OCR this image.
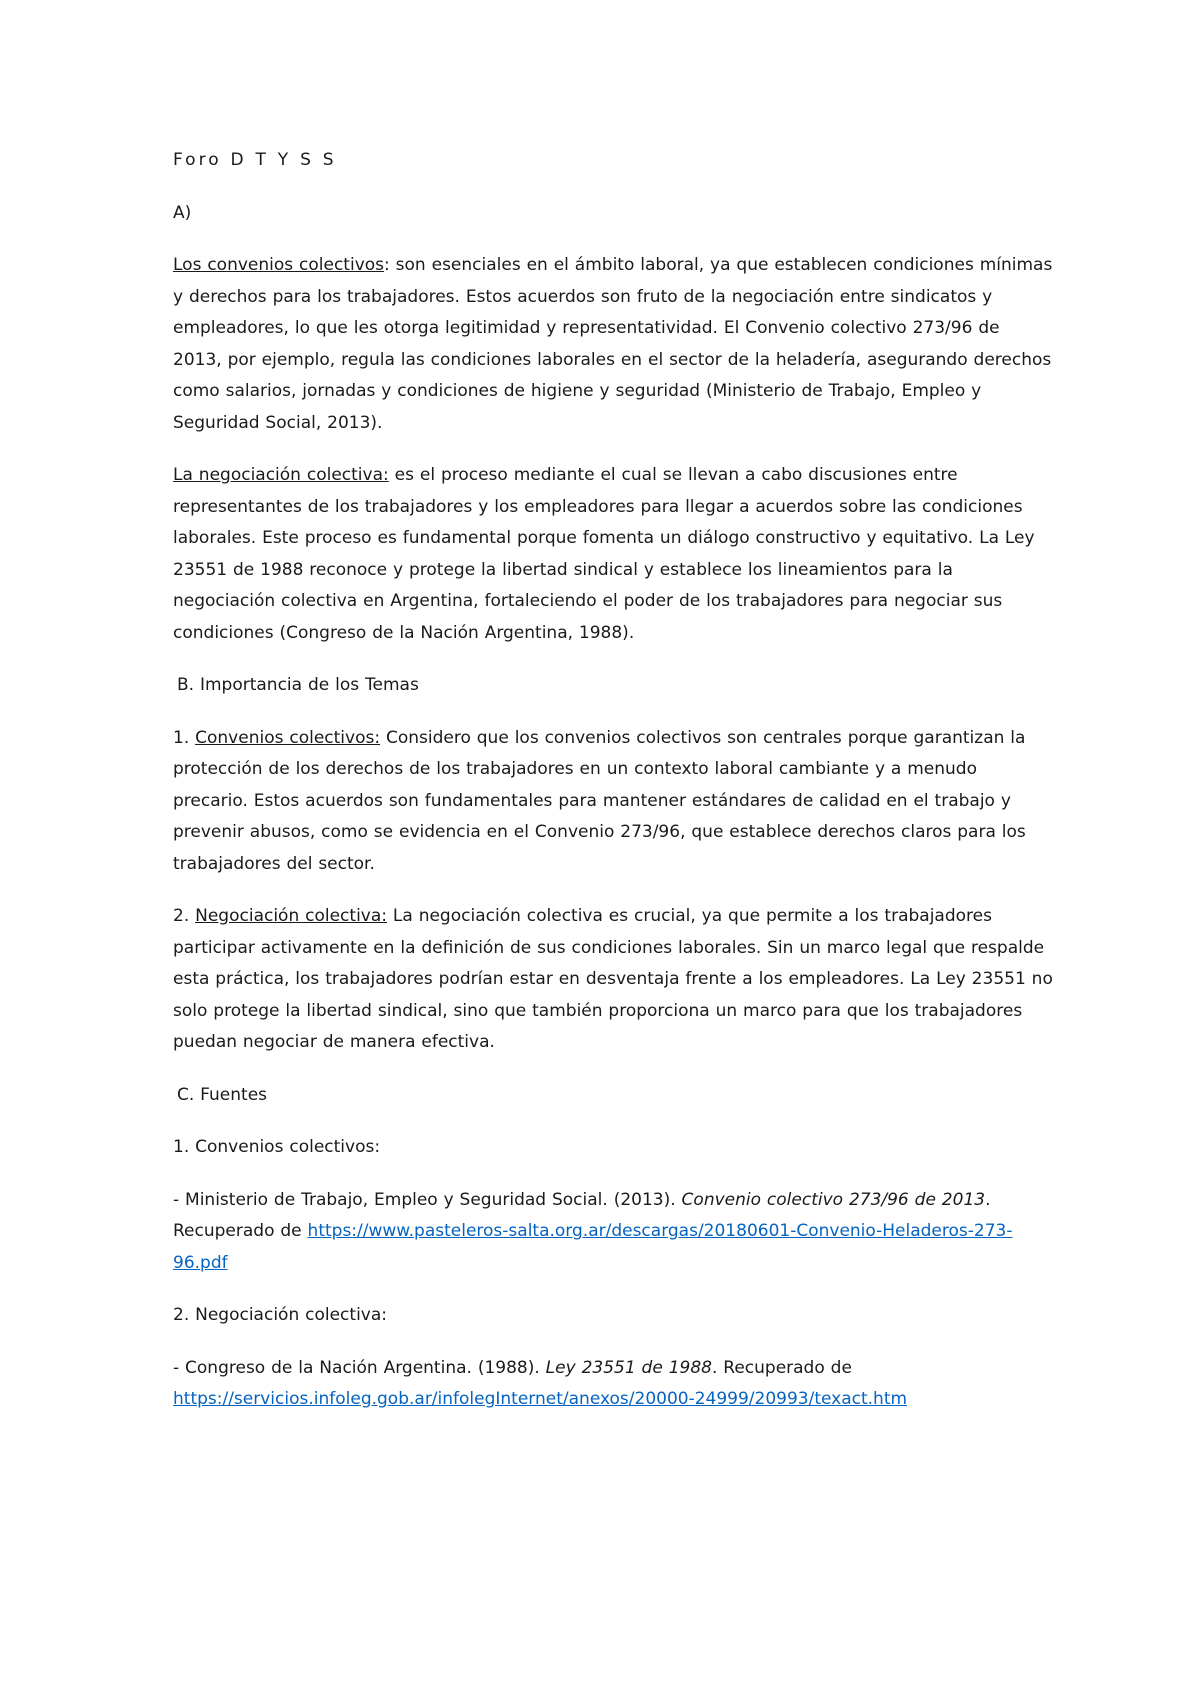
Foro D T Y S S

A)

Los convenios colectivos: son esenciales en el ámbito laboral, ya que establecen condiciones mínimas y derechos para los trabajadores. Estos acuerdos son fruto de la negociación entre sindicatos y empleadores, lo que les otorga legitimidad y representatividad. El Convenio colectivo 273/96 de 2013, por ejemplo, regula las condiciones laborales en el sector de la heladería, asegurando derechos como salarios, jornadas y condiciones de higiene y seguridad (Ministerio de Trabajo, Empleo y Seguridad Social, 2013).

La negociación colectiva: es el proceso mediante el cual se llevan a cabo discusiones entre representantes de los trabajadores y los empleadores para llegar a acuerdos sobre las condiciones laborales. Este proceso es fundamental porque fomenta un diálogo constructivo y equitativo. La Ley 23551 de 1988 reconoce y protege la libertad sindical y establece los lineamientos para la negociación colectiva en Argentina, fortaleciendo el poder de los trabajadores para negociar sus condiciones (Congreso de la Nación Argentina, 1988).

B. Importancia de los Temas

1. Convenios colectivos: Considero que los convenios colectivos son centrales porque garantizan la protección de los derechos de los trabajadores en un contexto laboral cambiante y a menudo precario. Estos acuerdos son fundamentales para mantener estándares de calidad en el trabajo y prevenir abusos, como se evidencia en el Convenio 273/96, que establece derechos claros para los trabajadores del sector.

2. Negociación colectiva: La negociación colectiva es crucial, ya que permite a los trabajadores participar activamente en la definición de sus condiciones laborales. Sin un marco legal que respalde esta práctica, los trabajadores podrían estar en desventaja frente a los empleadores. La Ley 23551 no solo protege la libertad sindical, sino que también proporciona un marco para que los trabajadores puedan negociar de manera efectiva.

C. Fuentes

1. Convenios colectivos:

- Ministerio de Trabajo, Empleo y Seguridad Social. (2013). Convenio colectivo 273/96 de 2013. Recuperado de https://www.pasteleros-salta.org.ar/descargas/20180601-Convenio-Heladeros-273-96.pdf

2. Negociación colectiva:

- Congreso de la Nación Argentina. (1988). Ley 23551 de 1988. Recuperado de https://servicios.infoleg.gob.ar/infolegInternet/anexos/20000-24999/20993/texact.htm
